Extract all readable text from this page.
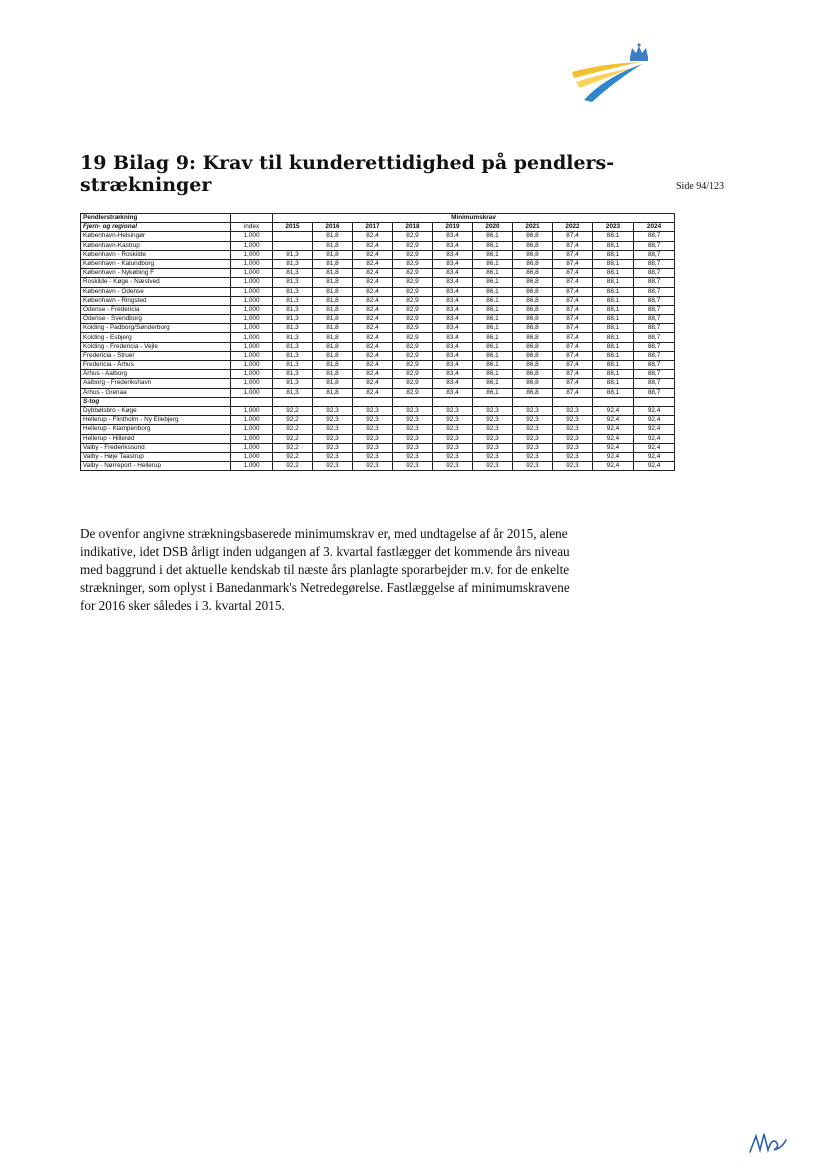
19 Bilag 9: Krav til kunderettidighed på pendlers-strækninger	Side 94/123
Pendlerstrækning		Minimumskrav									
Fjern- og regional	index	2015	2016	2017	2018	2019	2020	2021	2022	2023	2024
København-Helsingør	1,000		81,8	82,4	82,9	83,4	86,1	86,8	87,4	88,1	88,7
København-Kastrup	1,000		81,8	82,4	82,9	83,4	86,1	86,8	87,4	88,1	88,7
København - Roskilde	1,000	81,3	81,8	82,4	82,9	83,4	86,1	86,8	87,4	88,1	88,7
København - Kalundborg	1,000	81,3	81,8	82,4	82,9	83,4	86,1	86,8	87,4	88,1	88,7
København - Nykøbing F	1,000	81,3	81,8	82,4	82,9	83,4	86,1	86,8	87,4	88,1	88,7
Roskilde - Køge - Næstved	1,000	81,3	81,8	82,4	82,9	83,4	86,1	86,8	87,4	88,1	88,7
København - Odense	1,000	81,3	81,8	82,4	82,9	83,4	86,1	86,8	87,4	88,1	88,7
København - Ringsted	1,000	81,3	81,8	82,4	82,9	83,4	86,1	86,8	87,4	88,1	88,7
Odense - Fredericia	1,000	81,3	81,8	82,4	82,9	83,4	86,1	86,8	87,4	88,1	88,7
Odense - Svendborg	1,000	81,3	81,8	82,4	82,9	83,4	86,1	86,8	87,4	88,1	88,7
Kolding - Padborg/Sønderborg	1,000	81,3	81,8	82,4	82,9	83,4	86,1	86,8	87,4	88,1	88,7
Kolding - Esbjerg	1,000	81,3	81,8	82,4	82,9	83,4	86,1	86,8	87,4	88,1	88,7
Kolding - Fredericia - Vejle	1,000	81,3	81,8	82,4	82,9	83,4	86,1	86,8	87,4	88,1	88,7
Fredericia - Struer	1,000	81,3	81,8	82,4	82,9	83,4	86,1	86,8	87,4	88,1	88,7
Fredericia - Århus	1,000	81,3	81,8	82,4	82,9	83,4	86,1	86,8	87,4	88,1	88,7
Århus - Aalborg	1,000	81,3	81,8	82,4	82,9	83,4	86,1	86,8	87,4	88,1	88,7
Aalborg - Frederikshavn	1,000	81,3	81,8	82,4	82,9	83,4	86,1	86,8	87,4	88,1	88,7
Århus - Grenaa	1,000	81,3	81,8	82,4	82,9	83,4	86,1	86,8	87,4	88,1	88,7
S-tog											
Dybbølsbro - Køge	1,000	92,2	92,3	92,3	92,3	92,3	92,3	92,3	92,3	92,4	92,4
Hellerup - Flintholm - Ny Ellebjerg	1,000	92,2	92,3	92,3	92,3	92,3	92,3	92,3	92,3	92,4	92,4
Hellerup - Klampenborg	1,000	92,2	92,3	92,3	92,3	92,3	92,3	92,3	92,3	92,4	92,4
Hellerup - Hillerød	1,000	92,2	92,3	92,3	92,3	92,3	92,3	92,3	92,3	92,4	92,4
Valby - Frederikssund	1,000	92,2	92,3	92,3	92,3	92,3	92,3	92,3	92,3	92,4	92,4
Valby - Høje Taastrup	1,000	92,2	92,3	92,3	92,3	92,3	92,3	92,3	92,3	92,4	92,4
Valby - Nørreport - Hellerup	1,000	92,2	92,3	92,3	92,3	92,3	92,3	92,3	92,3	92,4	92,4

De ovenfor angivne strækningsbaserede minimumskrav er, med undtagelse af år 2015, alene indikative, idet DSB årligt inden udgangen af 3. kvartal fastlægger det kommende års niveau med baggrund i det aktuelle kendskab til næste års planlagte sporarbejder m.v. for de enkelte strækninger, som oplyst i Banedanmark's Netredegørelse. Fastlæggelse af minimumskravene for 2016 sker således i 3. kvartal 2015.
